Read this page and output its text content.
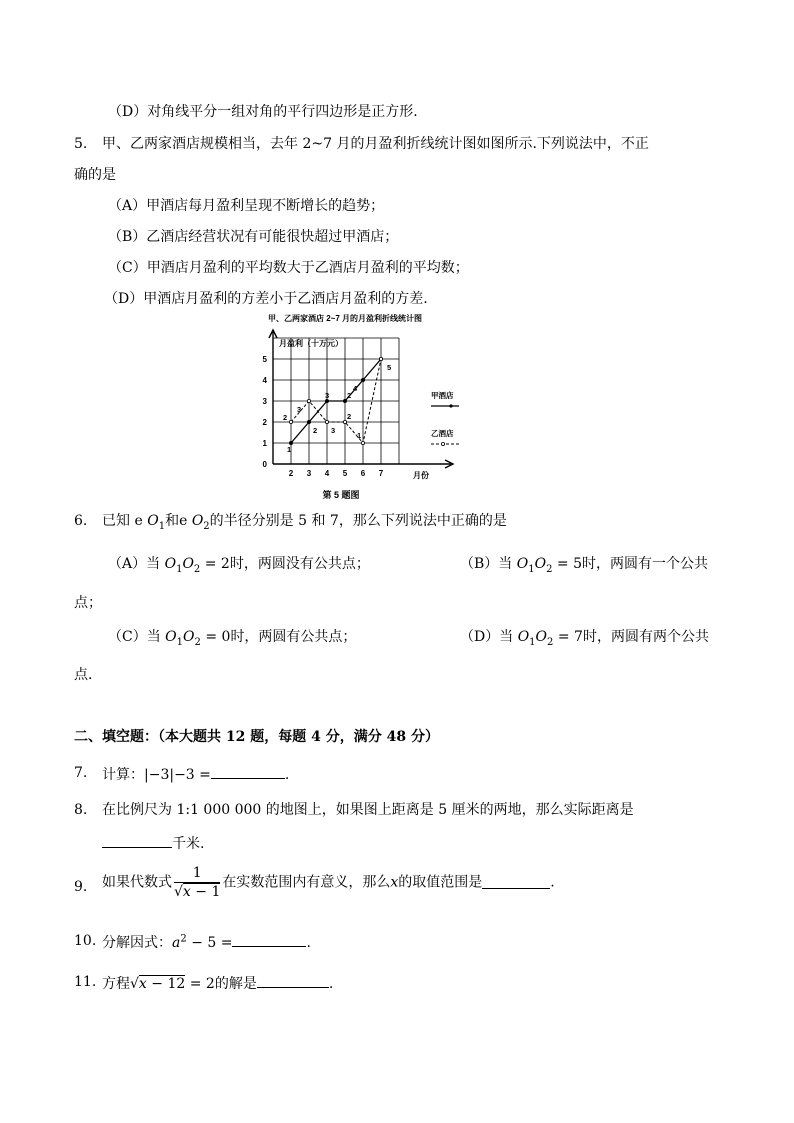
（D）对角线平分一组对角的平行四边形是正方形.
5. 甲、乙两家酒店规模相当，去年 2~7 月的月盈利折线统计图如图所示.下列说法中，不正
确的是
（A）甲酒店每月盈利呈现不断增长的趋势；
（B）乙酒店经营状况有可能很快超过甲酒店；
（C）甲酒店月盈利的平均数大于乙酒店月盈利的平均数；
（D）甲酒店月盈利的方差小于乙酒店月盈利的方差.
甲、乙两家酒店 2~7 月的月盈利折线统计图
月盈利（十万元）
月份
第 5 题图
0
1
2
3
4
5
2 3 4 5 6 7
1
2
2
3
3
3 2
2
4
1
5
甲酒店
乙酒店
6. 已知 e $O_1$和e $O_2$的半径分别是 5 和 7，那么下列说法中正确的是
（A）当 $O_1O_2 = 2$时，两圆没有公共点；	（B）当 $O_1O_2 = 5$时，两圆有一个公共
点；
（C）当 $O_1O_2 = 0$时，两圆有公共点；	（D）当 $O_1O_2 = 7$时，两圆有两个公共
点.
二、填空题：（本大题共 12 题，每题 4 分，满分 48 分）
7. 计算：|−3|−3 =	.
8. 在比例尺为 1:1 000 000 的地图上，如果图上距离是 5 厘米的两地，那么实际距离是
千米.
9. 如果代数式 $\frac{1}{√x - 1}$ 在实数范围内有意义，那么x的取值范围是	.
10. 分解因式：$a^2 - 5$ =	.
11. 方程√x − 12 = 2的解是	.
